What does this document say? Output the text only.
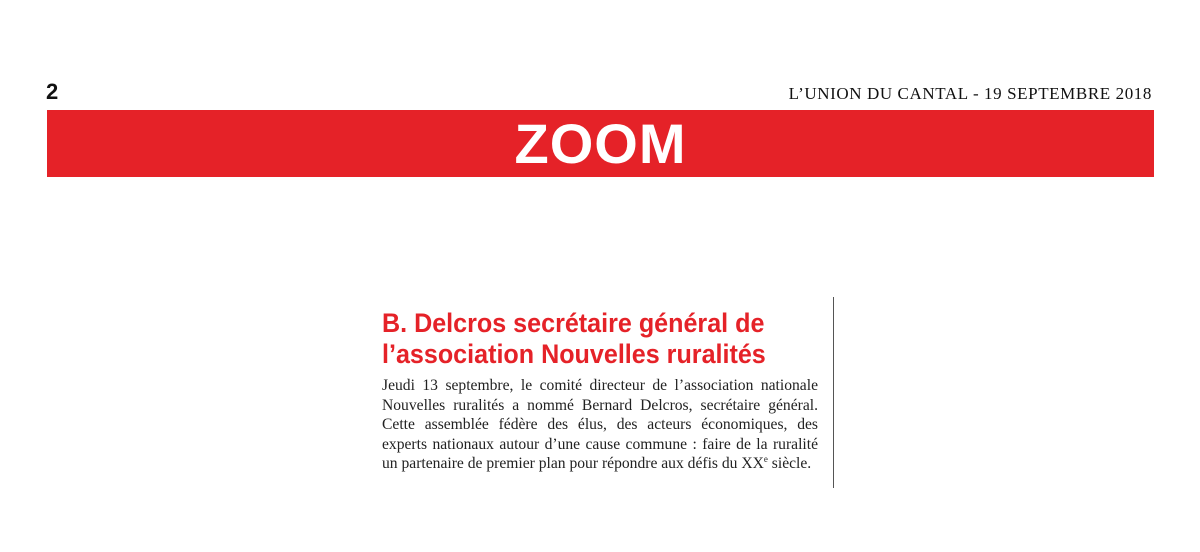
2	L’UNION DU CANTAL - 19 SEPTEMBRE 2018
ZOOM
B. Delcros secrétaire général de
l’association Nouvelles ruralités

Jeudi 13 septembre, le comité directeur de l’association nationale Nouvelles ruralités a nommé Bernard Delcros, secrétaire général. Cette assemblée fédère des élus, des acteurs économiques, des experts nationaux autour d’une cause commune : faire de la ruralité un partenaire de premier plan pour répondre aux défis du XXe siècle.
